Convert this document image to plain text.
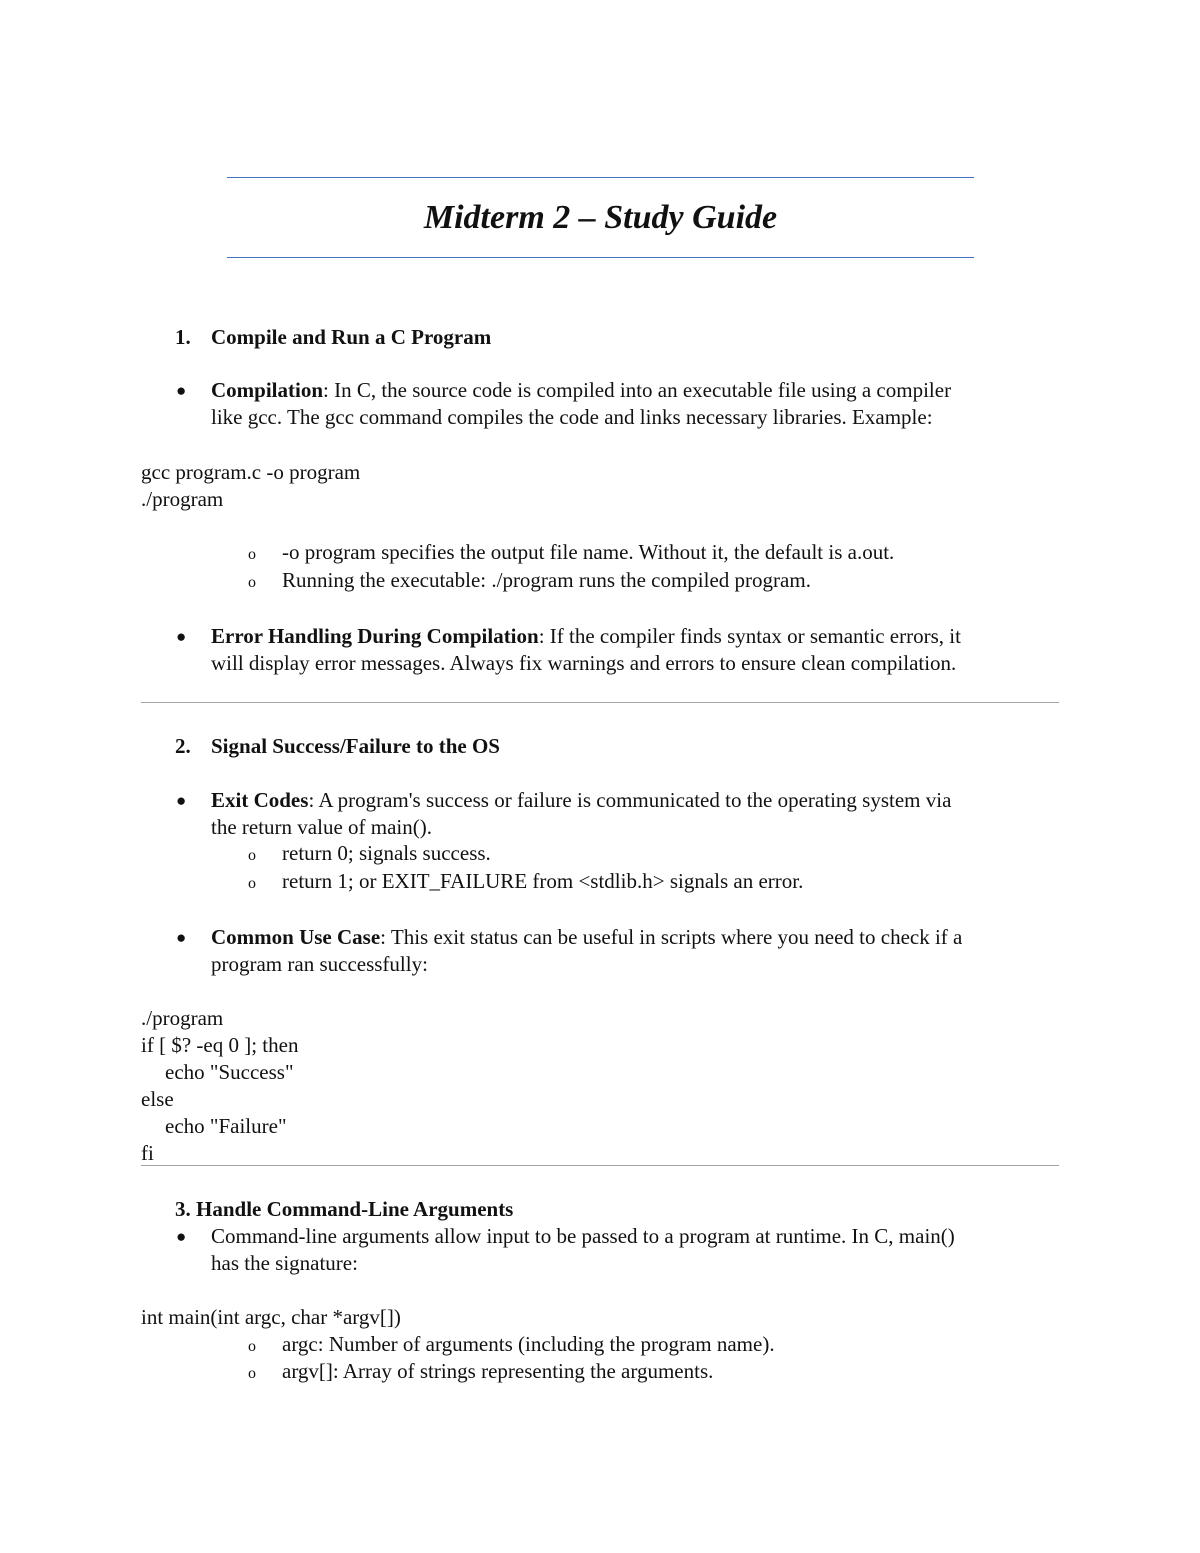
Midterm 2 – Study Guide
1. Compile and Run a C Program
● Compilation: In C, the source code is compiled into an executable file using a compiler
like gcc. The gcc command compiles the code and links necessary libraries. Example:
gcc program.c -o program
./program
o -o program specifies the output file name. Without it, the default is a.out.
o Running the executable: ./program runs the compiled program.
● Error Handling During Compilation: If the compiler finds syntax or semantic errors, it
will display error messages. Always fix warnings and errors to ensure clean compilation.
2. Signal Success/Failure to the OS
● Exit Codes: A program's success or failure is communicated to the operating system via
the return value of main().
o return 0; signals success.
o return 1; or EXIT_FAILURE from <stdlib.h> signals an error.
● Common Use Case: This exit status can be useful in scripts where you need to check if a
program ran successfully:
./program
if [ $? -eq 0 ]; then
echo "Success"
else
echo "Failure"
fi
3. Handle Command-Line Arguments
● Command-line arguments allow input to be passed to a program at runtime. In C, main()
has the signature:
int main(int argc, char *argv[])
o argc: Number of arguments (including the program name).
o argv[]: Array of strings representing the arguments.
